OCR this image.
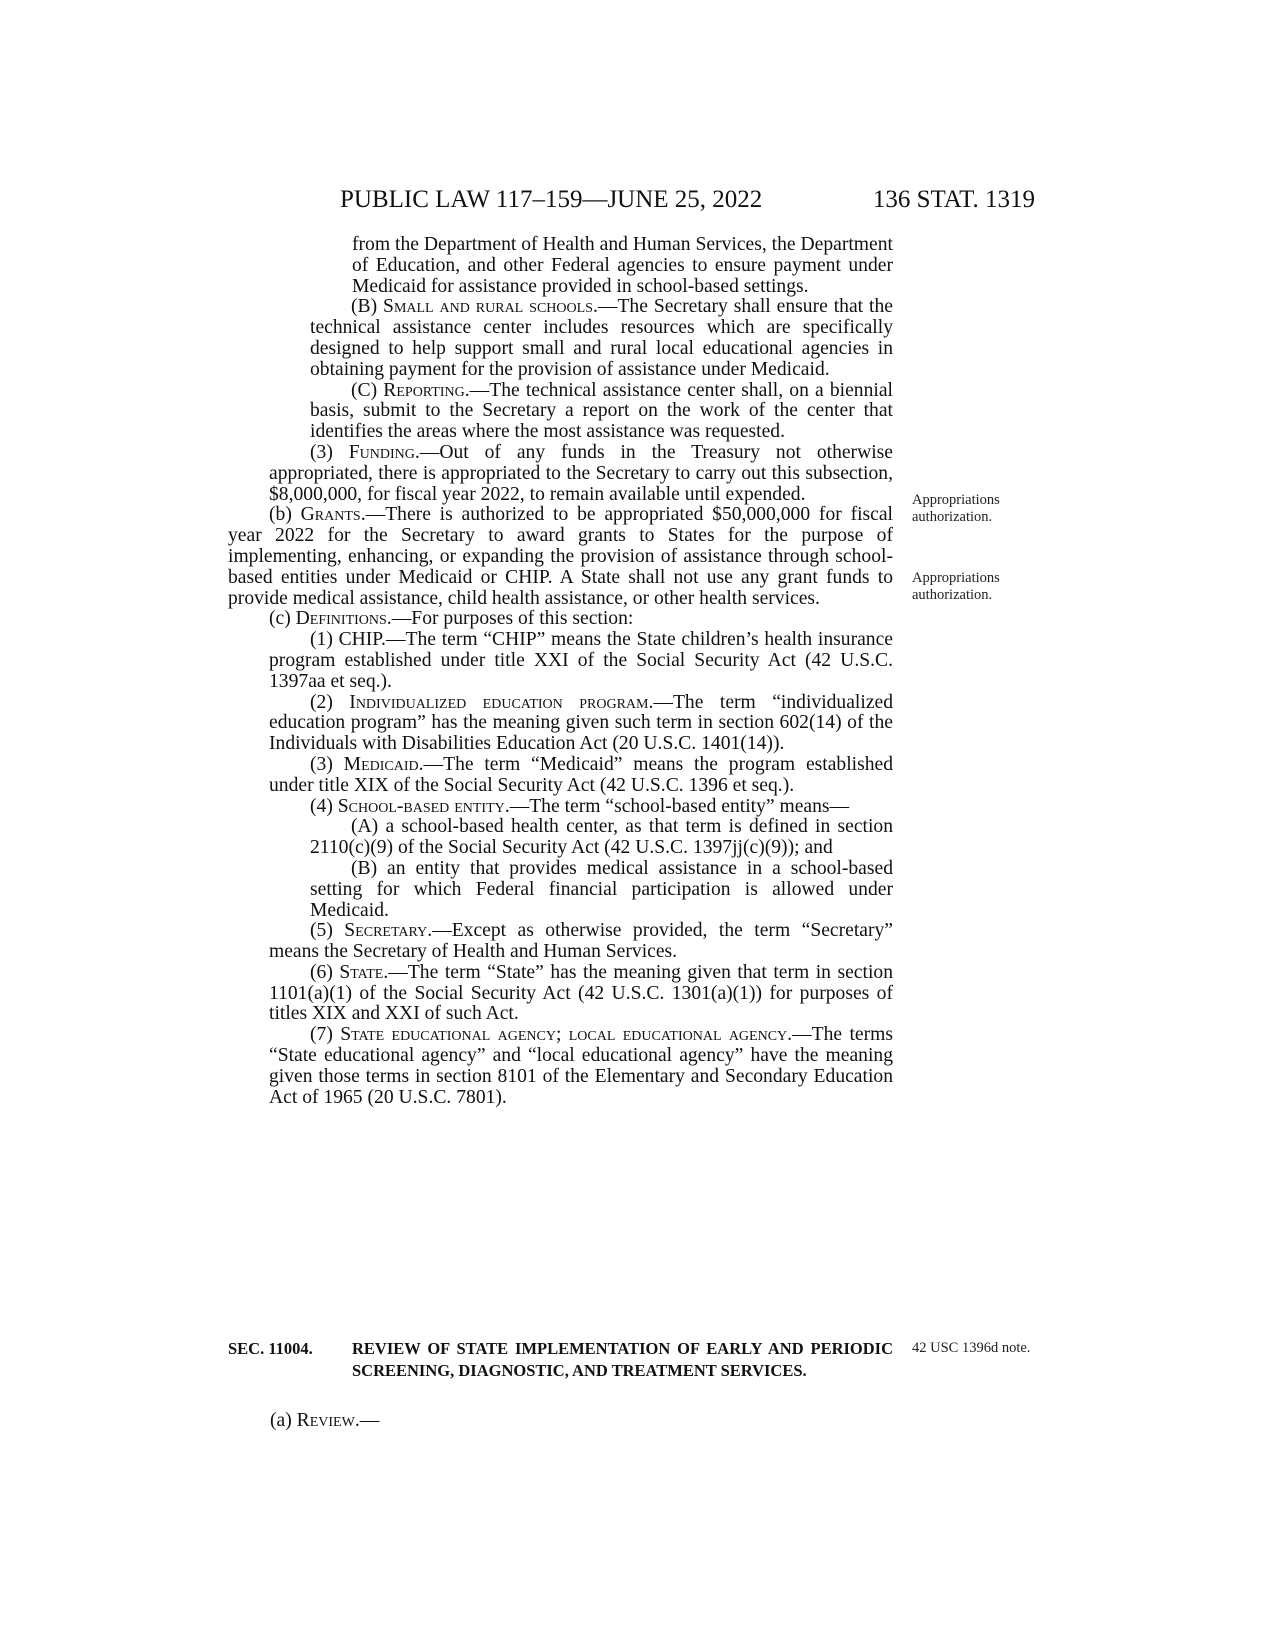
PUBLIC LAW 117–159—JUNE 25, 2022	136 STAT. 1319

from the Department of Health and Human Services, the Department of Education, and other Federal agencies to ensure payment under Medicaid for assistance provided in school-based settings.

(B) Small and rural schools.—The Secretary shall ensure that the technical assistance center includes resources which are specifically designed to help support small and rural local educational agencies in obtaining payment for the provision of assistance under Medicaid.

(C) Reporting.—The technical assistance center shall, on a biennial basis, submit to the Secretary a report on the work of the center that identifies the areas where the most assistance was requested.

(3) Funding.—Out of any funds in the Treasury not otherwise appropriated, there is appropriated to the Secretary to carry out this subsection, $8,000,000, for fiscal year 2022, to remain available until expended.

(b) Grants.—There is authorized to be appropriated $50,000,000 for fiscal year 2022 for the Secretary to award grants to States for the purpose of implementing, enhancing, or expanding the provision of assistance through school-based entities under Medicaid or CHIP. A State shall not use any grant funds to provide medical assistance, child health assistance, or other health services.

(c) Definitions.—For purposes of this section:

(1) CHIP.—The term “CHIP” means the State children’s health insurance program established under title XXI of the Social Security Act (42 U.S.C. 1397aa et seq.).

(2) Individualized education program.—The term “individualized education program” has the meaning given such term in section 602(14) of the Individuals with Disabilities Education Act (20 U.S.C. 1401(14)).

(3) Medicaid.—The term “Medicaid” means the program established under title XIX of the Social Security Act (42 U.S.C. 1396 et seq.).

(4) School-based entity.—The term “school-based entity” means—

(A) a school-based health center, as that term is defined in section 2110(c)(9) of the Social Security Act (42 U.S.C. 1397jj(c)(9)); and

(B) an entity that provides medical assistance in a school-based setting for which Federal financial participation is allowed under Medicaid.

(5) Secretary.—Except as otherwise provided, the term “Secretary” means the Secretary of Health and Human Services.

(6) State.—The term “State” has the meaning given that term in section 1101(a)(1) of the Social Security Act (42 U.S.C. 1301(a)(1)) for purposes of titles XIX and XXI of such Act.

(7) State educational agency; local educational agency.—The terms “State educational agency” and “local educational agency” have the meaning given those terms in section 8101 of the Elementary and Secondary Education Act of 1965 (20 U.S.C. 7801).

Appropriations authorization.
Appropriations authorization.
42 USC 1396d note.
SEC. 11004. REVIEW OF STATE IMPLEMENTATION OF EARLY AND PERIODIC SCREENING, DIAGNOSTIC, AND TREATMENT SERVICES.
(a) Review.—
